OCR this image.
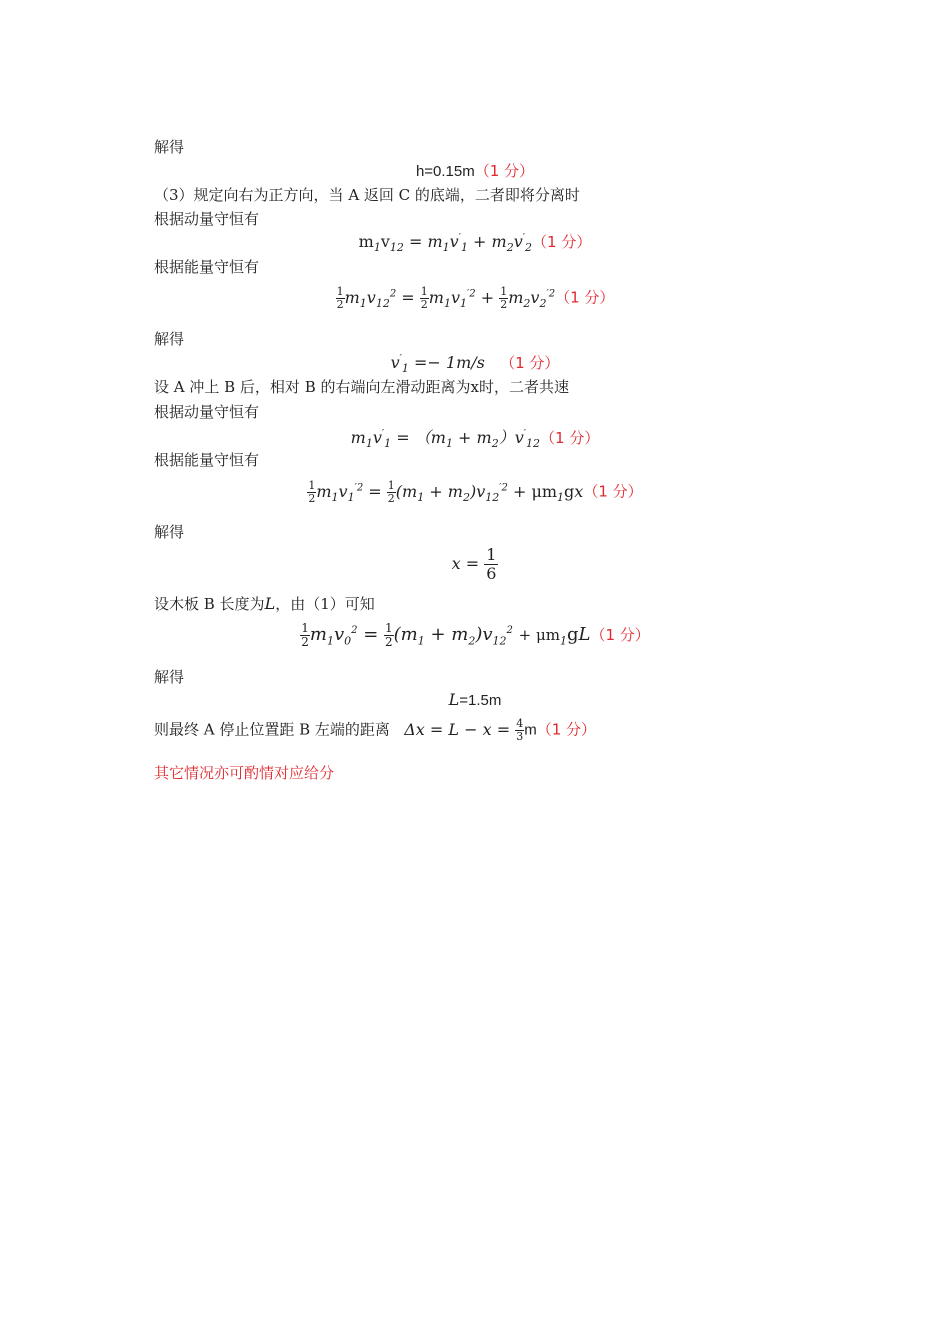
解得
h=0.15m（1 分）
（3）规定向右为正方向，当 A 返回 C 的底端，二者即将分离时
根据动量守恒有
$m_1v_{12} = m_1v'_1 + m_2v'_2(1$ 分）
根据能量守恒有
$\frac{1}{2} m_1v_{12}^2 = \frac{1}{2} m_1v_1^{'2} + \frac{1}{2} m_2v_2^{'2}(1$ 分）
解得
$v'_1 =- 1m/s$ （1 分）
设 A 冲上 B 后，相对 B 的右端向左滑动距离为x时，二者共速
根据动量守恒有
$m_1v'_1 = (m_1 + m_2)v'_{12}(1$ 分）
根据能量守恒有
$\frac{1}{2} m_1v_1^{'2} = \frac{1}{2} (m_1 + m_2)v_{12}^{'2} + \mu m_1gx(1$ 分）
解得
$x = \frac{1}{6}$
设木板 B 长度为L，由（1）可知
$\frac{1}{2} m_1v_0^2 = \frac{1}{2} (m_1 + m_2)v_{12}^2 + \mu m_1gL(1$ 分）
解得
L=1.5m
则最终 A 停止位置距 B 左端的距离 $\Delta x = L - x = \frac{4}{3} m(1$ 分）
其它情况亦可酌情对应给分
